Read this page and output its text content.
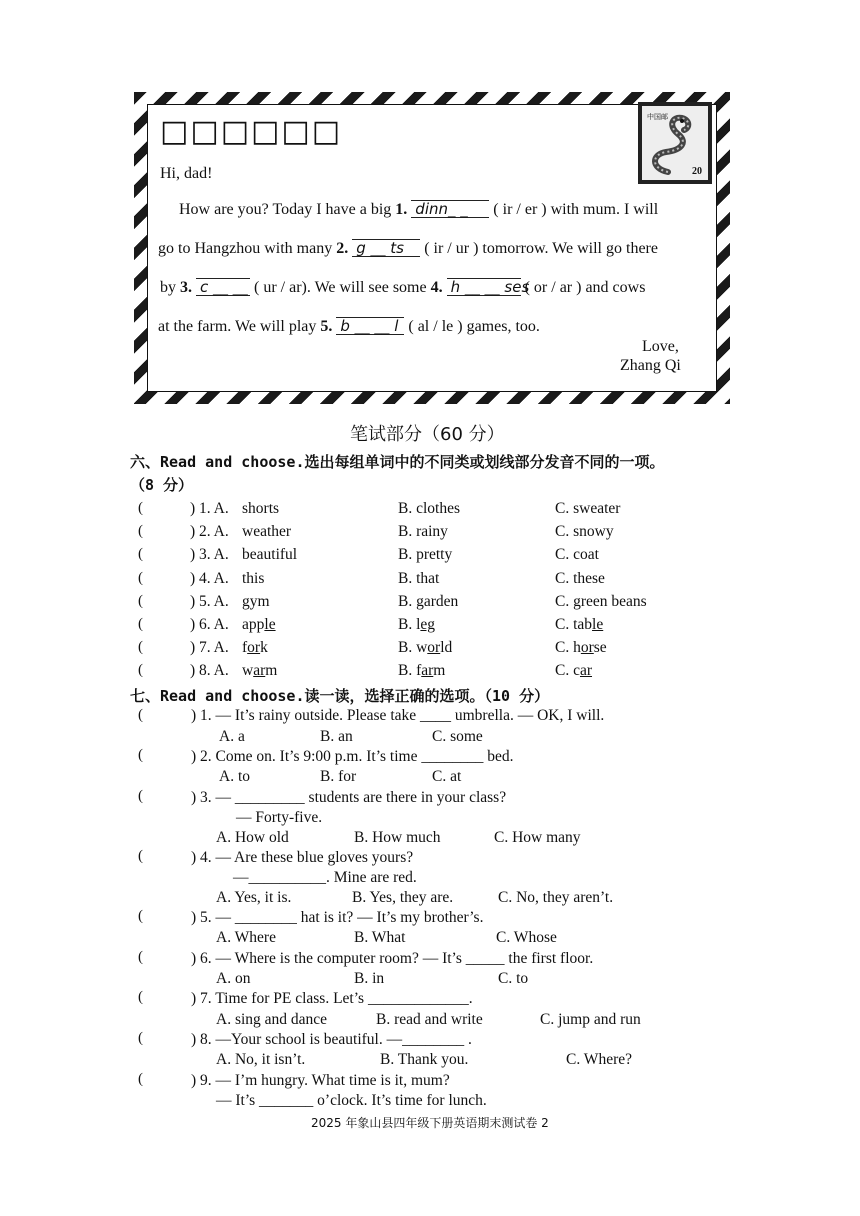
□□□□□□	中国邮
20
Hi, dad!
How are you? Today I have a big 1. dinn_ _ ( ir / er ) with mum. I will
go to Hangzhou with many 2. g __ ts ( ir / ur ) tomorrow. We will go there
by 3. c __ __ ( ur / ar). We will see some 4. h __ __ ses ( or / ar ) and cows
at the farm. We will play 5. b __ __ l ( al / le ) games, too.
Love,
Zhang Qi
笔试部分（60 分）
六、Read and choose.选出每组单词中的不同类或划线部分发音不同的一项。
（8 分）
(	) 1. A. shorts	B. clothes	C. sweater
(	) 2. A. weather	B. rainy	C. snowy
(	) 3. A. beautiful	B. pretty	C. coat
(	) 4. A. this	B. that	C. these
(	) 5. A. gym	B. garden	C. green beans
(	) 6. A. apple	B. leg	C. table
(	) 7. A. fork	B. world	C. horse
(	) 8. A. warm	B. farm	C. car
七、Read and choose.读一读，选择正确的选项。（10 分）
(	) 1. — It’s rainy outside. Please take ____ umbrella. — OK, I will.
A. a	B. an	C. some
(	) 2. Come on. It’s 9:00 p.m. It’s time ________ bed.
A. to	B. for	C. at
(	) 3. — _________ students are there in your class?
— Forty-five.
A. How old	B. How much	C. How many
(	) 4. — Are these blue gloves yours?
—__________. Mine are red.
A. Yes, it is.	B. Yes, they are.	C. No, they aren’t.
(	) 5. — ________ hat is it? — It’s my brother’s.
A. Where	B. What	C. Whose
(	) 6. — Where is the computer room? — It’s _____ the first floor.
A. on	B. in	C. to
(	) 7. Time for PE class. Let’s _____________.
A. sing and dance	B. read and write	C. jump and run
(	) 8. —Your school is beautiful. —________ .
A. No, it isn’t.	B. Thank you.	C. Where?
(	) 9. — I’m hungry. What time is it, mum?
— It’s _______ o’clock. It’s time for lunch.
2025 年象山县四年级下册英语期末测试卷 2
